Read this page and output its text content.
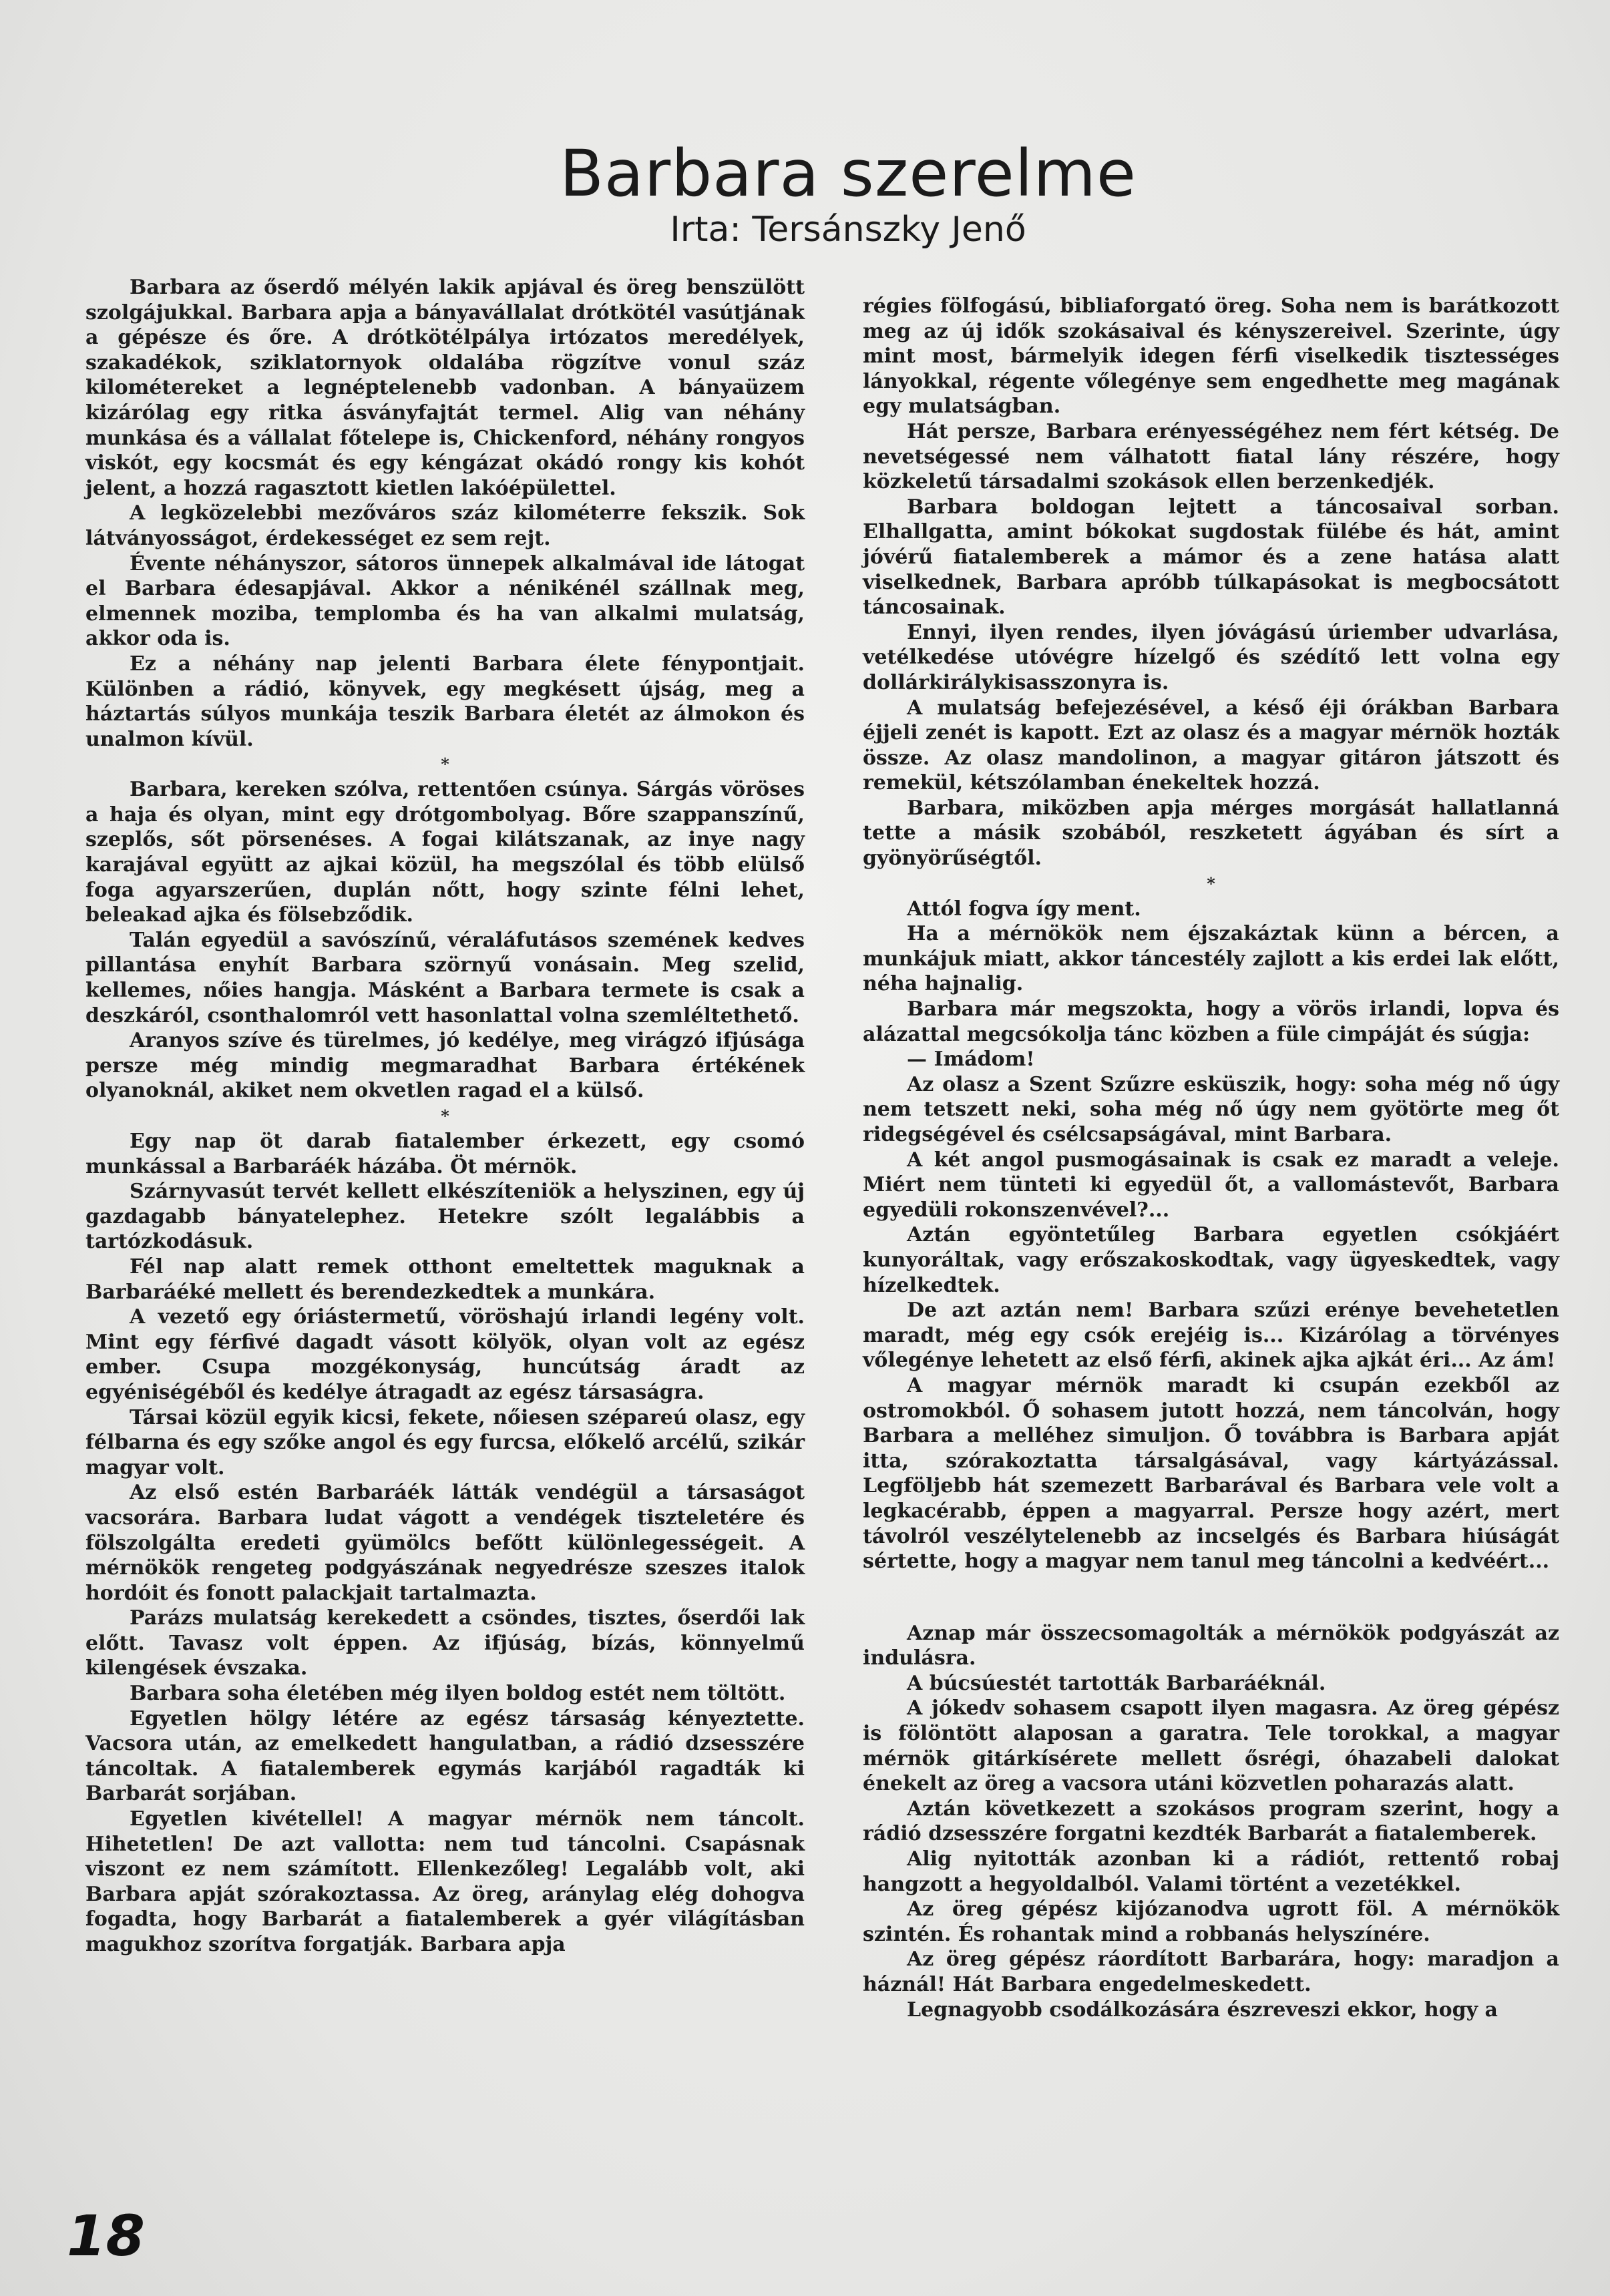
Barbara szerelme
Irta: Tersánszky Jenő

Barbara az őserdő mélyén lakik apjával és öreg benszülött szolgájukkal. Barbara apja a bányavállalat drótkötél vasútjának a gépésze és őre. A drótkötélpálya irtózatos meredélyek, szakadékok, sziklatornyok oldalába rögzítve vonul száz kilométereket a legnéptelenebb vadonban. A bányaüzem kizárólag egy ritka ásványfajtát termel. Alig van néhány munkása és a vállalat főtelepe is, Chickenford, néhány rongyos viskót, egy kocsmát és egy kéngázat okádó rongy kis kohót jelent, a hozzá ragasztott kietlen lakóépülettel.

A legközelebbi mezőváros száz kilométerre fekszik. Sok látványosságot, érdekességet ez sem rejt.

Évente néhányszor, sátoros ünnepek alkalmával ide látogat el Barbara édesapjával. Akkor a nénikénél szállnak meg, elmennek moziba, templomba és ha van alkalmi mulatság, akkor oda is.

Ez a néhány nap jelenti Barbara élete fénypontjait. Különben a rádió, könyvek, egy megkésett újság, meg a háztartás súlyos munkája teszik Barbara életét az álmokon és unalmon kívül.

*

Barbara, kereken szólva, rettentően csúnya. Sárgás vöröses a haja és olyan, mint egy drótgombolyag. Bőre szappanszínű, szeplős, sőt pörsenéses. A fogai kilátszanak, az inye nagy karajával együtt az ajkai közül, ha megszólal és több elülső foga agyarszerűen, duplán nőtt, hogy szinte félni lehet, beleakad ajka és fölsebződik.

Talán egyedül a savószínű, véraláfutásos szemének kedves pillantása enyhít Barbara szörnyű vonásain. Meg szelid, kellemes, nőies hangja. Másként a Barbara termete is csak a deszkáról, csonthalomról vett hasonlattal volna szemléltethető.

Aranyos szíve és türelmes, jó kedélye, meg virágzó ifjúsága persze még mindig megmaradhat Barbara értékének olyanoknál, akiket nem okvetlen ragad el a külső.

*

Egy nap öt darab fiatalember érkezett, egy csomó munkással a Barbaráék házába. Öt mérnök.

Szárnyvasút tervét kellett elkészíteniök a helyszinen, egy új gazdagabb bányatelephez. Hetekre szólt legalábbis a tartózkodásuk.

Fél nap alatt remek otthont emeltettek maguknak a Barbaráéké mellett és berendezkedtek a munkára.

A vezető egy óriástermetű, vöröshajú irlandi legény volt. Mint egy férfivé dagadt vásott kölyök, olyan volt az egész ember. Csupa mozgékonyság, huncútság áradt az egyéniségéből és kedélye átragadt az egész társaságra.

Társai közül egyik kicsi, fekete, nőiesen szépareú olasz, egy félbarna és egy szőke angol és egy furcsa, előkelő arcélű, szikár magyar volt.

Az első estén Barbaráék látták vendégül a társaságot vacsorára. Barbara ludat vágott a vendégek tiszteletére és fölszolgálta eredeti gyümölcs befőtt különlegességeit. A mérnökök rengeteg podgyászának negyedrésze szeszes italok hordóit és fonott palackjait tartalmazta.

Parázs mulatság kerekedett a csöndes, tisztes, őserdői lak előtt. Tavasz volt éppen. Az ifjúság, bízás, könnyelmű kilengések évszaka.

Barbara soha életében még ilyen boldog estét nem töltött.

Egyetlen hölgy létére az egész társaság kényeztette. Vacsora után, az emelkedett hangulatban, a rádió dzsesszére táncoltak. A fiatalemberek egymás karjából ragadták ki Barbarát sorjában.

Egyetlen kivétellel! A magyar mérnök nem táncolt. Hihetetlen! De azt vallotta: nem tud táncolni. Csapásnak viszont ez nem számított. Ellenkezőleg! Legalább volt, aki Barbara apját szórakoztassa. Az öreg, aránylag elég dohogva fogadta, hogy Barbarát a fiatalemberek a gyér világításban magukhoz szorítva forgatják. Barbara apja

régies fölfogású, bibliaforgató öreg. Soha nem is barátkozott meg az új idők szokásaival és kényszereivel. Szerinte, úgy mint most, bármelyik idegen férfi viselkedik tisztességes lányokkal, régente vőlegénye sem engedhette meg magának egy mulatságban.

Hát persze, Barbara erényességéhez nem fért kétség. De nevetségessé nem válhatott fiatal lány részére, hogy közkeletű társadalmi szokások ellen berzenkedjék.

Barbara boldogan lejtett a táncosaival sorban. Elhallgatta, amint bókokat sugdostak fülébe és hát, amint jóvérű fiatalemberek a mámor és a zene hatása alatt viselkednek, Barbara apróbb túlkapásokat is megbocsátott táncosainak.

Ennyi, ilyen rendes, ilyen jóvágású úriember udvarlása, vetélkedése utóvégre hízelgő és szédítő lett volna egy dollárkirálykisasszonyra is.

A mulatság befejezésével, a késő éji órákban Barbara éjjeli zenét is kapott. Ezt az olasz és a magyar mérnök hozták össze. Az olasz mandolinon, a magyar gitáron játszott és remekül, kétszólamban énekeltek hozzá.

Barbara, miközben apja mérges morgását hallatlanná tette a másik szobából, reszketett ágyában és sírt a gyönyörűségtől.

*

Attól fogva így ment.

Ha a mérnökök nem éjszakáztak künn a bércen, a munkájuk miatt, akkor táncestély zajlott a kis erdei lak előtt, néha hajnalig.

Barbara már megszokta, hogy a vörös irlandi, lopva és alázattal megcsókolja tánc közben a füle cimpáját és súgja:

— Imádom!

Az olasz a Szent Szűzre esküszik, hogy: soha még nő úgy nem tetszett neki, soha még nő úgy nem gyötörte meg őt ridegségével és csélcsapságával, mint Barbara.

A két angol pusmogásainak is csak ez maradt a veleje. Miért nem tünteti ki egyedül őt, a vallomástevőt, Barbara egyedüli rokonszenvével?...

Aztán egyöntetűleg Barbara egyetlen csókjáért kunyoráltak, vagy erőszakoskodtak, vagy ügyeskedtek, vagy hízelkedtek.

De azt aztán nem! Barbara szűzi erénye bevehetetlen maradt, még egy csók erejéig is... Kizárólag a törvényes vőlegénye lehetett az első férfi, akinek ajka ajkát éri... Az ám!

A magyar mérnök maradt ki csupán ezekből az ostromokból. Ő sohasem jutott hozzá, nem táncolván, hogy Barbara a melléhez simuljon. Ő továbbra is Barbara apját itta, szórakoztatta társalgásával, vagy kártyázással. Legföljebb hát szemezett Barbarával és Barbara vele volt a legkacérabb, éppen a magyarral. Persze hogy azért, mert távolról veszélytelenebb az incselgés és Barbara hiúságát sértette, hogy a magyar nem tanul meg táncolni a kedvéért...

Aznap már összecsomagolták a mérnökök podgyászát az indulásra.

A búcsúestét tartották Barbaráéknál.

A jókedv sohasem csapott ilyen magasra. Az öreg gépész is fölöntött alaposan a garatra. Tele torokkal, a magyar mérnök gitárkísérete mellett ősrégi, óhazabeli dalokat énekelt az öreg a vacsora utáni közvetlen poharazás alatt.

Aztán következett a szokásos program szerint, hogy a rádió dzsesszére forgatni kezdték Barbarát a fiatalemberek.

Alig nyitották azonban ki a rádiót, rettentő robaj hangzott a hegyoldalból. Valami történt a vezetékkel.

Az öreg gépész kijózanodva ugrott föl. A mérnökök szintén. És rohantak mind a robbanás helyszínére.

Az öreg gépész ráordított Barbarára, hogy: maradjon a háznál! Hát Barbara engedelmeskedett.

Legnagyobb csodálkozására észreveszi ekkor, hogy a

18
